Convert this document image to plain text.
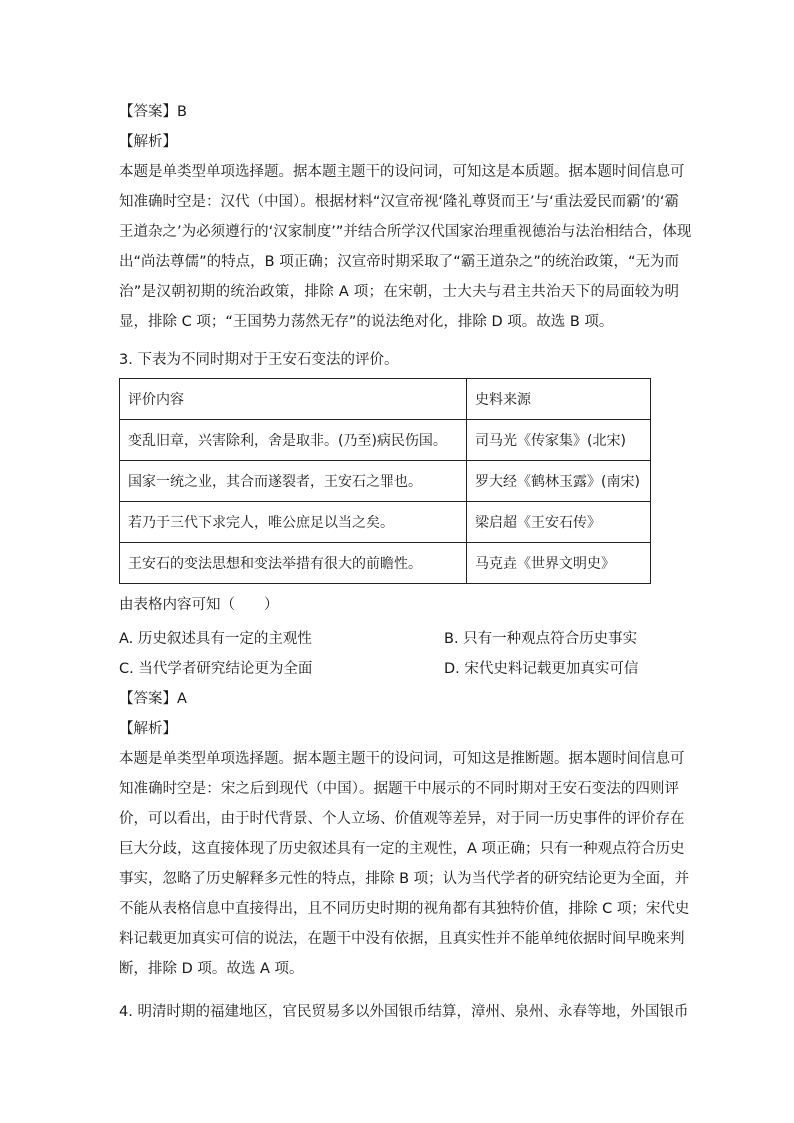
【答案】B
【解析】
本题是单类型单项选择题。据本题主题干的设问词，可知这是本质题。据本题时间信息可
知准确时空是：汉代（中国）。根据材料“汉宣帝视‘隆礼尊贤而王’与‘重法爱民而霸’的‘霸
王道杂之’为必须遵行的‘汉家制度’”并结合所学汉代国家治理重视德治与法治相结合，体现
出“尚法尊儒”的特点，B 项正确；汉宣帝时期采取了“霸王道杂之”的统治政策，“无为而
治”是汉朝初期的统治政策，排除 A 项；在宋朝，士大夫与君主共治天下的局面较为明
显，排除 C 项；“王国势力荡然无存”的说法绝对化，排除 D 项。故选 B 项。
3. 下表为不同时期对于王安石变法的评价。
评价内容	史料来源
变乱旧章，兴害除利，舍是取非。(乃至)病民伤国。	司马光《传家集》(北宋)
国家一统之业，其合而遂裂者，王安石之罪也。	罗大经《鹤林玉露》(南宋)
若乃于三代下求完人，唯公庶足以当之矣。	梁启超《王安石传》
王安石的变法思想和变法举措有很大的前瞻性。	马克垚《世界文明史》
由表格内容可知（　　）
A. 历史叙述具有一定的主观性	B. 只有一种观点符合历史事实
C. 当代学者研究结论更为全面	D. 宋代史料记载更加真实可信
【答案】A
【解析】
本题是单类型单项选择题。据本题主题干的设问词，可知这是推断题。据本题时间信息可
知准确时空是：宋之后到现代（中国）。据题干中展示的不同时期对王安石变法的四则评
价，可以看出，由于时代背景、个人立场、价值观等差异，对于同一历史事件的评价存在
巨大分歧，这直接体现了历史叙述具有一定的主观性，A 项正确；只有一种观点符合历史
事实，忽略了历史解释多元性的特点，排除 B 项；认为当代学者的研究结论更为全面，并
不能从表格信息中直接得出，且不同历史时期的视角都有其独特价值，排除 C 项；宋代史
料记载更加真实可信的说法，在题干中没有依据，且真实性并不能单纯依据时间早晚来判
断，排除 D 项。故选 A 项。
4. 明清时期的福建地区，官民贸易多以外国银币结算，漳州、泉州、永春等地，外国银币
